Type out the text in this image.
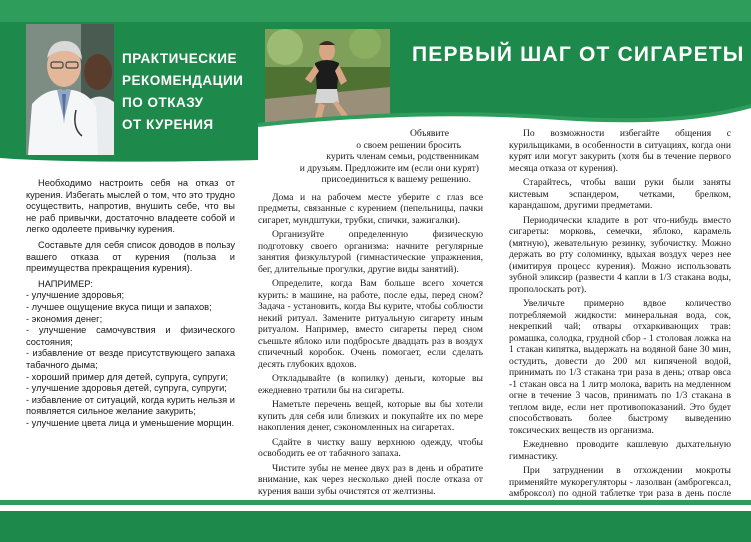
ПРАКТИЧЕСКИЕ
РЕКОМЕНДАЦИИ
ПО ОТКАЗУ
ОТ КУРЕНИЯ
ПЕРВЫЙ ШАГ ОТ СИГАРЕТЫ

Необходимо настроить себя на отказ от курения. Избегать мыслей о том, что это трудно осуществить, напротив, внушить себе, что вы не раб привычки, достаточно владеете собой и легко одолеете привычку курения.

Составьте для себя список доводов в пользу вашего отказа от курения (польза и преимущества прекращения курения).

НАПРИМЕР:
- улучшение здоровья;
- лучшее ощущение вкуса пищи и запахов;
- экономия денег;
- улучшение самочувствия и физического состояния;
- избавление от везде присутствующего запаха табачного дыма;
- хороший пример для детей, супруга, супруги;
- улучшение здоровья детей, супруга, супруги;
- избавление от ситуаций, когда курить нельзя и появляется сильное желание закурить;
- улучшение цвета лица и уменьшение морщин.
Объявите
о своем решении бросить
курить членам семьи, родственникам
и друзьям. Предложите им (если они курят)
присоединиться к вашему решению.
Дома и на рабочем месте уберите с глаз все предметы, связанные с курением (пепельницы, пачки сигарет, мундштуки, трубки, спички, зажигалки).
Организуйте определенную физическую подготовку своего организма: начните регулярные занятия физкультурой (гимнастические упражнения, бег, длительные прогулки, другие виды занятий).
Определите, когда Вам больше всего хочется курить: в машине, на работе, после еды, перед сном? Задача - установить, когда Вы курите, чтобы соблюсти некий ритуал. Замените ритуальную сигарету иным ритуалом. Например, вместо сигареты перед сном съешьте яблоко или подбросьте двадцать раз в воздух спичечный коробок. Очень помогает, если сделать десять глубоких вдохов.
Откладывайте (в копилку) деньги, которые вы ежедневно тратили бы на сигареты.
Наметьте перечень вещей, которые вы бы хотели купить для себя или близких и покупайте их по мере накопления денег, сэкономленных на сигаретах.
Сдайте в чистку вашу верхнюю одежду, чтобы освободить ее от табачного запаха.
Чистите зубы не менее двух раз в день и обратите внимание, как через несколько дней после отказа от курения ваши зубы очистятся от желтизны.
По возможности избегайте общения с курильщиками, в особенности в ситуациях, когда они курят или могут закурить (хотя бы в течение первого месяца отказа от курения).
Старайтесь, чтобы ваши руки были заняты кистевым эспандером, четками, брелком, карандашом, другими предметами.
Периодически кладите в рот что-нибудь вместо сигареты: морковь, семечки, яблоко, карамель (мятную), жевательную резинку, зубочистку. Можно держать во рту соломинку, вдыхая воздух через нее (имитируя процесс курения). Можно использовать зубной эликсир (развести 4 капли в 1/3 стакана воды, прополоскать рот).
Увеличьте примерно вдвое количество потребляемой жидкости: минеральная вода, сок, некрепкий чай; отвары отхаркивающих трав: ромашка, солодка, грудной сбор - 1 столовая ложка на 1 стакан кипятка, выдержать на водяной бане 30 мин, остудить, довести до 200 мл кипяченой водой, принимать по 1/3 стакана три раза в день; отвар овса -1 стакан овса на 1 литр молока, варить на медленном огне в течение 3 часов, принимать по 1/3 стакана в теплом виде, если нет противопоказаний. Это будет способствовать более быстрому выведению токсических веществ из организма.
Ежедневно проводите кашлевую дыхательную гимнастику.
При затруднении в отхождении мокроты применяйте мукорегуляторы - лазолван (амброгексал, амброксол) по одной таблетке три раза в день после
